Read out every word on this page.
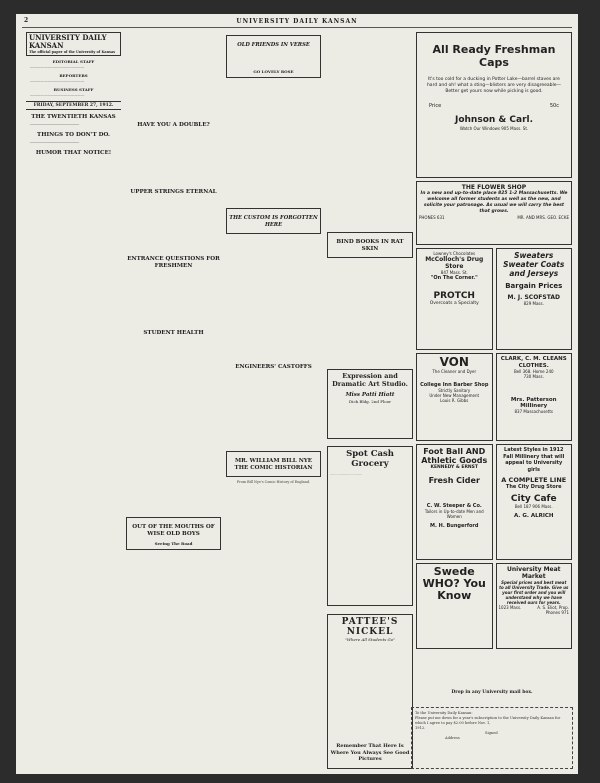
2	UNIVERSITY DAILY KANSAN
UNIVERSITY DAILY KANSAN
The official paper of the University of Kansas
EDITORIAL STAFF

————————————————

REPORTERS

————————————————

BUSINESS STAFF

————————————————

FRIDAY, SEPTEMBER 27, 1912.
THE TWENTIETH KANSAS

────────────────────────

THINGS TO DON'T DO.

────────────────────────

HUMOR THAT NOTICE!
HAVE YOU A DOUBLE?
UPPER STRINGS ETERNAL
ENTRANCE QUESTIONS FOR FRESHMEN
STUDENT HEALTH
OUT OF THE MOUTHS OF WISE OLD BOYS
Seeing The Road
OLD FRIENDS IN VERSE
GO LOVELY ROSE
THE CUSTOM IS FORGOTTEN HERE
ENGINEERS' CASTOFFS
MR. WILLIAM BILL NYE THE COMIC HISTORIAN
From Bill Nye's Comic History of England.
BIND BOOKS IN RAT SKIN
Expression and Dramatic Art Studio.
Miss Patti Hiatt
Dick Bldg. 2nd Floor
Spot Cash Grocery
······························
PATTEE'S NICKEL
"Where All Students Go"
Remember That Here Is Where You Always See Good Pictures
All Ready Freshman Caps
It's too cold for a ducking in Potter Lake—barrel staves are hard and oh! what a sting—blisters are very disagreeable—Better get yours now while picking is good.
Price	50c
Johnson & Carl.
Watch Our Windows 905 Mass. St.
THE FLOWER SHOP
In a new and up-to-date place 825 1-2 Massachusetts. We welcome all former students as well as the new, and solicite your patronage. As usual we will carry the best that grows.
PHONES 631	MR. AND MRS. GEO. ECKE
Lowney's Chocolates
McColloch's Drug Store
847 Mass. St.
"On The Corner."
PROTCH
Overcoats a Specialty
Sweaters Sweater Coats and Jerseys
Bargain Prices
M. J. SCOFSTAD
829 Mass.
VON
The Cleaner and Dyer
College Inn Barber Shop
Strictly Sanitary
Under New Management
Louis R. Gibbs
CLARK, C. M. CLEANS CLOTHES.
Bell 368. Home 240
730 Mass.
Mrs. Patterson Millinery
837 Massachusetts
Foot Ball AND Athletic Goods
KENNEDY & ERNST
Fresh Cider
C. W. Steeper & Co.
Tailors in Up-to-date Men and Women
M. H. Bungerford
Latest Styles in 1912 Fall Millinery that will appeal to University girls
A COMPLETE LINE
The City Drug Store
City Cafe
Bell 187 906 Mass.
A. G. ALRICH
Swede WHO? You Know
University Meat Market
Special prices and best meat to all University Trade. Give us your first order and you will understand why we have received ours for years.
1023 Mass.	A. S. Eliot, Prop.
Phones 971
Drop in any University mail box.
To the University Daily Kansan:
Please put me down for a year's subscription to the University Daily Kansan for which I agree to pay $2.00 before Nov. 1,
1912.
Signed
Address
